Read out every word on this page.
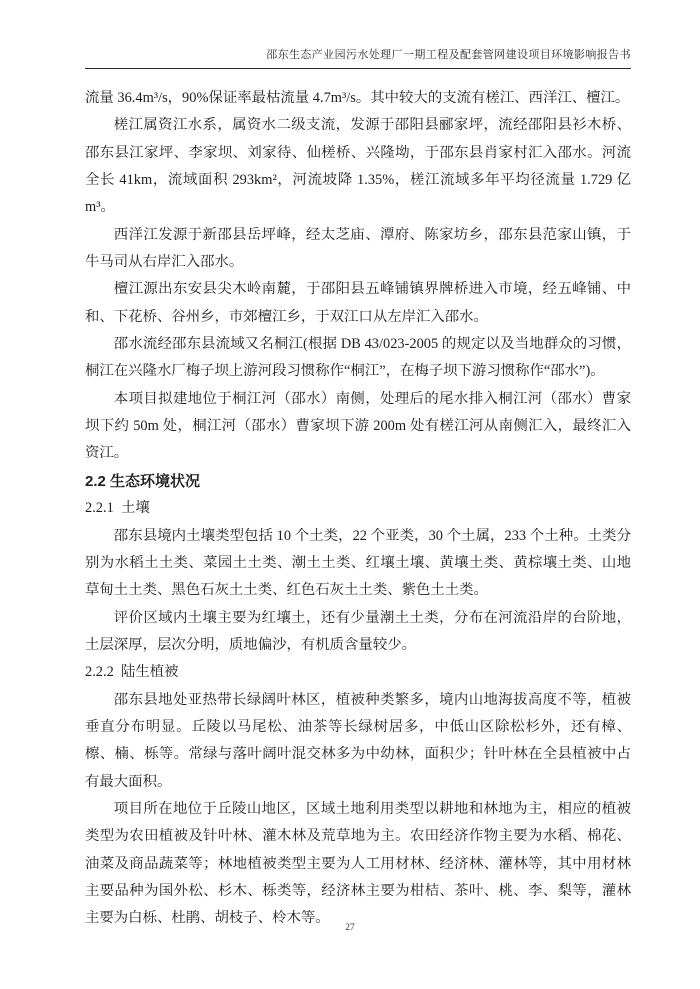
邵东生态产业园污水处理厂一期工程及配套管网建设项目环境影响报告书

流量 36.4m³/s，90%保证率最枯流量 4.7m³/s。其中较大的支流有槎江、西洋江、檀江。

槎江属资江水系，属资水二级支流，发源于邵阳县郦家坪，流经邵阳县衫木桥、邵东县江家坪、李家坝、刘家待、仙槎桥、兴隆坳，于邵东县肖家村汇入邵水。河流全长 41km，流域面积 293km²，河流坡降 1.35%，槎江流域多年平均径流量 1.729 亿 m³。

西洋江发源于新邵县岳坪峰，经太芝庙、潭府、陈家坊乡，邵东县范家山镇，于牛马司从右岸汇入邵水。

檀江源出东安县尖木岭南麓，于邵阳县五峰铺镇界牌桥进入市境，经五峰铺、中和、下花桥、谷州乡，市郊檀江乡，于双江口从左岸汇入邵水。

邵水流经邵东县流域又名桐江(根据 DB 43/023-2005 的规定以及当地群众的习惯，桐江在兴隆水厂梅子坝上游河段习惯称作“桐江”，在梅子坝下游习惯称作“邵水”)。

本项目拟建地位于桐江河（邵水）南侧，处理后的尾水排入桐江河（邵水）曹家坝下约 50m 处，桐江河（邵水）曹家坝下游 200m 处有槎江河从南侧汇入，最终汇入资江。

2.2 生态环境状况
2.2.1  土壤

邵东县境内土壤类型包括 10 个土类，22 个亚类，30 个土属，233 个土种。土类分别为水稻土土类、菜园土土类、潮土土类、红壤土壤、黄壤土类、黄棕壤土类、山地草甸土土类、黑色石灰土土类、红色石灰土土类、紫色土土类。

评价区域内土壤主要为红壤土，还有少量潮土土类，分布在河流沿岸的台阶地，土层深厚，层次分明，质地偏沙，有机质含量较少。

2.2.2  陆生植被

邵东县地处亚热带长绿阔叶林区，植被种类繁多，境内山地海拔高度不等，植被垂直分布明显。丘陵以马尾松、油茶等长绿树居多，中低山区除松杉外，还有樟、檫、楠、栎等。常绿与落叶阔叶混交林多为中幼林，面积少；针叶林在全县植被中占有最大面积。

项目所在地位于丘陵山地区，区域土地利用类型以耕地和林地为主，相应的植被类型为农田植被及针叶林、灌木林及荒草地为主。农田经济作物主要为水稻、棉花、油菜及商品蔬菜等；林地植被类型主要为人工用材林、经济林、灌林等，其中用材林主要品种为国外松、杉木、栎类等，经济林主要为柑桔、茶叶、桃、李、梨等，灌林主要为白栎、杜鹃、胡枝子、柃木等。

27
